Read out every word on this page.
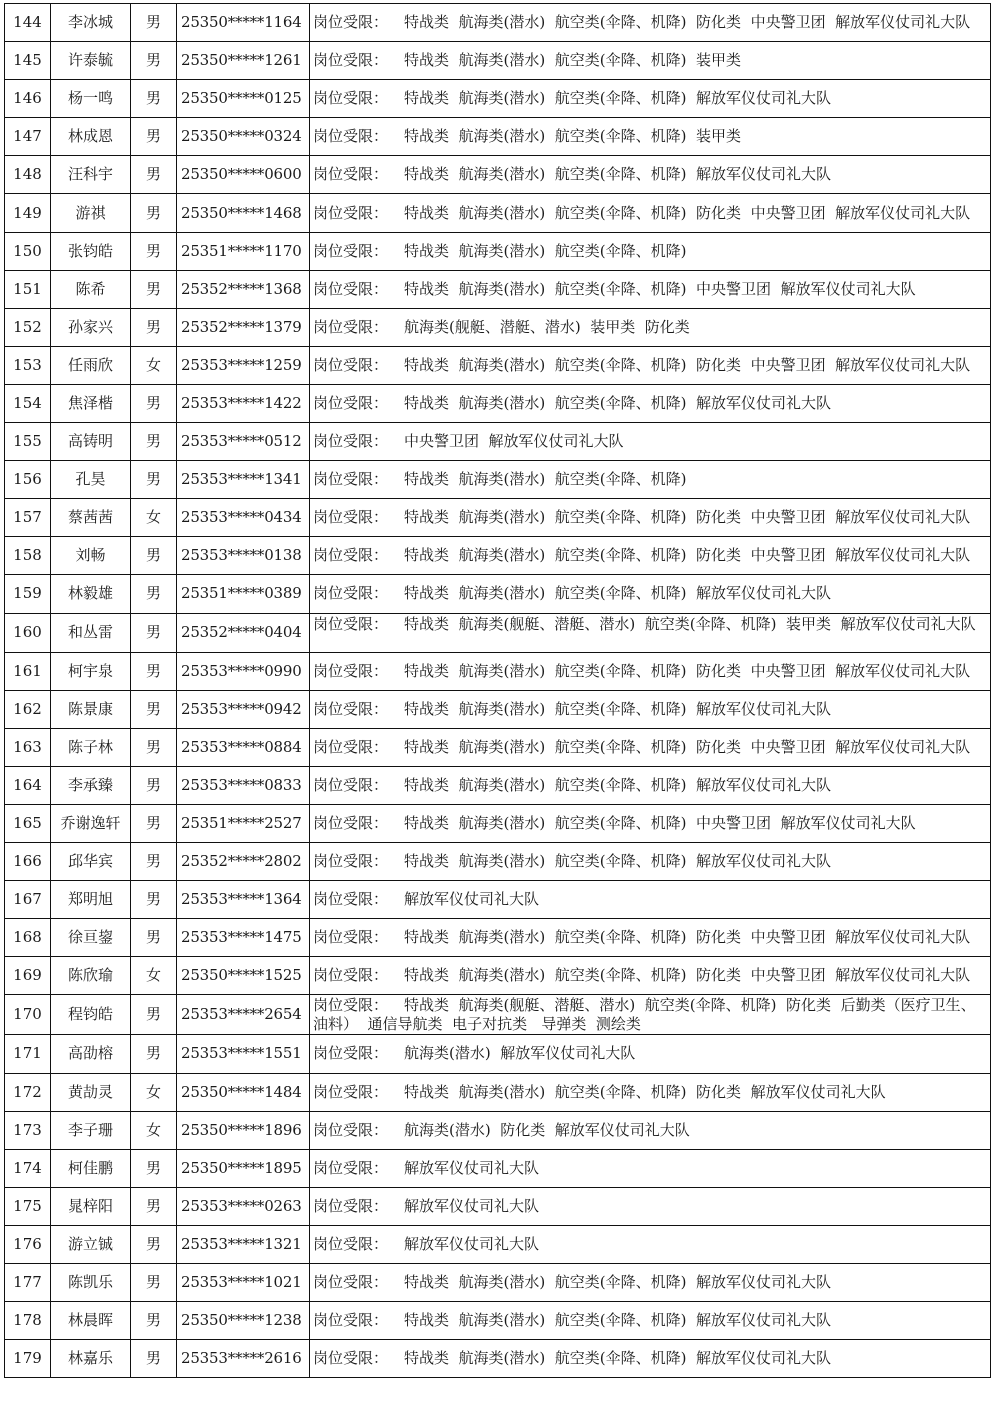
144	李冰城	男	25350*****1164	岗位受限： 特战类  航海类(潜水)  航空类(伞降、机降)  防化类  中央警卫团  解放军仪仗司礼大队
145	许泰毓	男	25350*****1261	岗位受限： 特战类  航海类(潜水)  航空类(伞降、机降)  装甲类
146	杨一鸣	男	25350*****0125	岗位受限： 特战类  航海类(潜水)  航空类(伞降、机降)  解放军仪仗司礼大队
147	林成恩	男	25350*****0324	岗位受限： 特战类  航海类(潜水)  航空类(伞降、机降)  装甲类
148	汪科宇	男	25350*****0600	岗位受限： 特战类  航海类(潜水)  航空类(伞降、机降)  解放军仪仗司礼大队
149	游祺	男	25350*****1468	岗位受限： 特战类  航海类(潜水)  航空类(伞降、机降)  防化类  中央警卫团  解放军仪仗司礼大队
150	张钧皓	男	25351*****1170	岗位受限： 特战类  航海类(潜水)  航空类(伞降、机降)
151	陈希	男	25352*****1368	岗位受限： 特战类  航海类(潜水)  航空类(伞降、机降)  中央警卫团  解放军仪仗司礼大队
152	孙家兴	男	25352*****1379	岗位受限： 航海类(舰艇、潜艇、潜水)  装甲类  防化类
153	任雨欣	女	25353*****1259	岗位受限： 特战类  航海类(潜水)  航空类(伞降、机降)  防化类  中央警卫团  解放军仪仗司礼大队
154	焦泽楷	男	25353*****1422	岗位受限： 特战类  航海类(潜水)  航空类(伞降、机降)  解放军仪仗司礼大队
155	高铸明	男	25353*****0512	岗位受限： 中央警卫团  解放军仪仗司礼大队
156	孔昊	男	25353*****1341	岗位受限： 特战类  航海类(潜水)  航空类(伞降、机降)
157	蔡茜茜	女	25353*****0434	岗位受限： 特战类  航海类(潜水)  航空类(伞降、机降)  防化类  中央警卫团  解放军仪仗司礼大队
158	刘畅	男	25353*****0138	岗位受限： 特战类  航海类(潜水)  航空类(伞降、机降)  防化类  中央警卫团  解放军仪仗司礼大队
159	林毅雄	男	25351*****0389	岗位受限： 特战类  航海类(潜水)  航空类(伞降、机降)  解放军仪仗司礼大队
160	和丛雷	男	25352*****0404	岗位受限： 特战类  航海类(舰艇、潜艇、潜水)  航空类(伞降、机降)  装甲类  解放军仪仗司礼大队
161	柯宇泉	男	25353*****0990	岗位受限： 特战类  航海类(潜水)  航空类(伞降、机降)  防化类  中央警卫团  解放军仪仗司礼大队
162	陈景康	男	25353*****0942	岗位受限： 特战类  航海类(潜水)  航空类(伞降、机降)  解放军仪仗司礼大队
163	陈子林	男	25353*****0884	岗位受限： 特战类  航海类(潜水)  航空类(伞降、机降)  防化类  中央警卫团  解放军仪仗司礼大队
164	李承臻	男	25353*****0833	岗位受限： 特战类  航海类(潜水)  航空类(伞降、机降)  解放军仪仗司礼大队
165	乔谢逸轩	男	25351*****2527	岗位受限： 特战类  航海类(潜水)  航空类(伞降、机降)  中央警卫团  解放军仪仗司礼大队
166	邱华宾	男	25352*****2802	岗位受限： 特战类  航海类(潜水)  航空类(伞降、机降)  解放军仪仗司礼大队
167	郑明旭	男	25353*****1364	岗位受限： 解放军仪仗司礼大队
168	徐亘鋆	男	25353*****1475	岗位受限： 特战类  航海类(潜水)  航空类(伞降、机降)  防化类  中央警卫团  解放军仪仗司礼大队
169	陈欣瑜	女	25350*****1525	岗位受限： 特战类  航海类(潜水)  航空类(伞降、机降)  防化类  中央警卫团  解放军仪仗司礼大队
170	程钧皓	男	25353*****2654	岗位受限： 特战类  航海类(舰艇、潜艇、潜水)  航空类(伞降、机降)  防化类  后勤类（医疗卫生、油料）  通信导航类  电子对抗类   导弹类  测绘类
171	高劭榕	男	25353*****1551	岗位受限： 航海类(潜水)  解放军仪仗司礼大队
172	黄劼灵	女	25350*****1484	岗位受限： 特战类  航海类(潜水)  航空类(伞降、机降)  防化类  解放军仪仗司礼大队
173	李子珊	女	25350*****1896	岗位受限： 航海类(潜水)  防化类  解放军仪仗司礼大队
174	柯佳鹏	男	25350*****1895	岗位受限： 解放军仪仗司礼大队
175	晁梓阳	男	25353*****0263	岗位受限： 解放军仪仗司礼大队
176	游立铖	男	25353*****1321	岗位受限： 解放军仪仗司礼大队
177	陈凯乐	男	25353*****1021	岗位受限： 特战类  航海类(潜水)  航空类(伞降、机降)  解放军仪仗司礼大队
178	林晨晖	男	25350*****1238	岗位受限： 特战类  航海类(潜水)  航空类(伞降、机降)  解放军仪仗司礼大队
179	林嘉乐	男	25353*****2616	岗位受限： 特战类  航海类(潜水)  航空类(伞降、机降)  解放军仪仗司礼大队
